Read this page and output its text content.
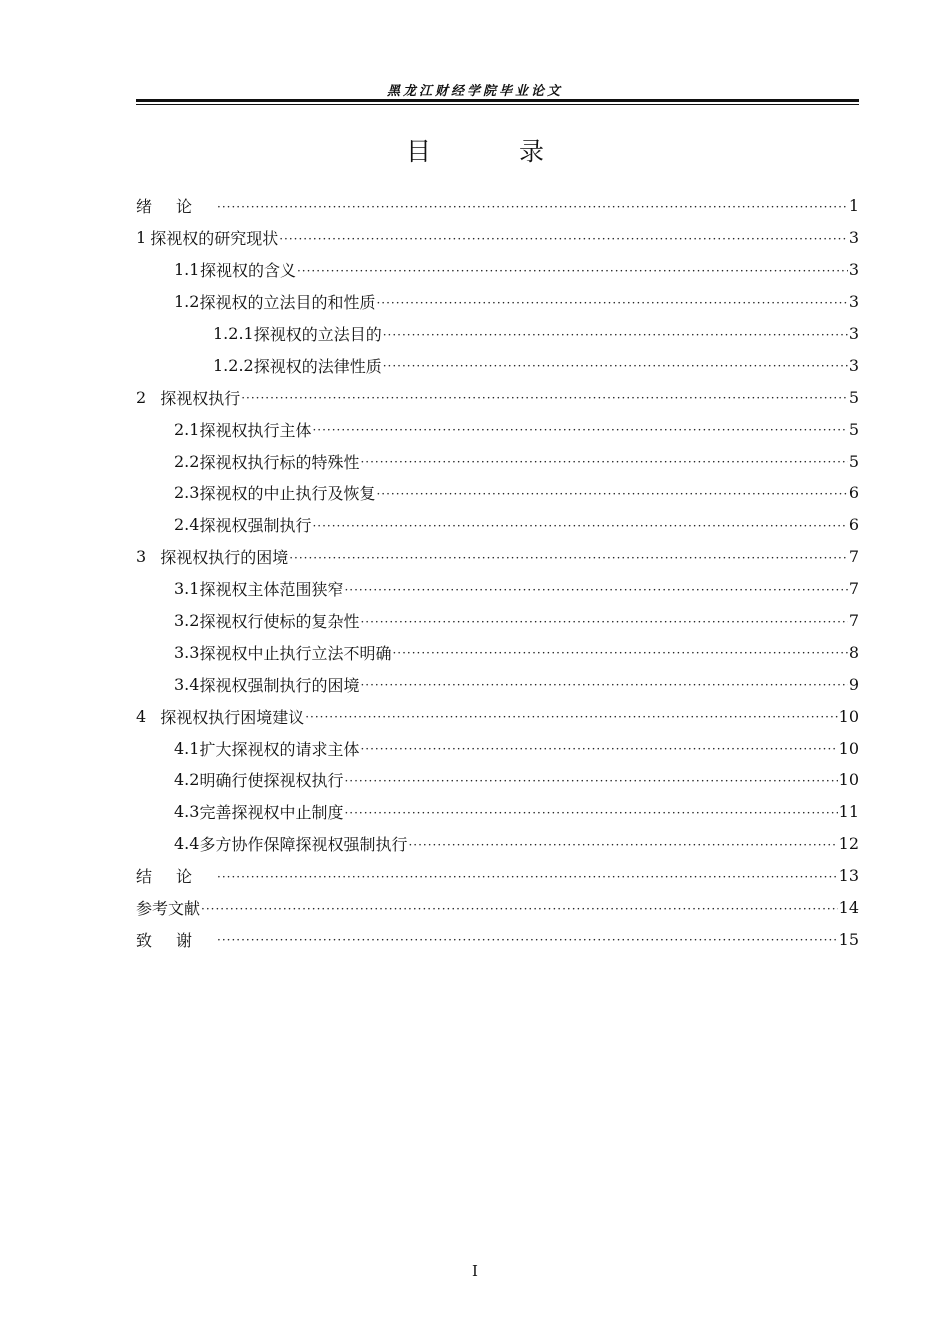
黑龙江财经学院毕业论文
目 录
绪论 ·····	1
1 探视权的研究现状 ·····	3
1.1 探视权的含义 ·····	3
1.2 探视权的立法目的和性质 ·····	3
1.2.1 探视权的立法目的 ·····	3
1.2.2 探视权的法律性质 ·····	3
2 探视权执行 ·····	5
2.1 探视权执行主体 ·····	5
2.2 探视权执行标的特殊性 ·····	5
2.3 探视权的中止执行及恢复 ·····	6
2.4 探视权强制执行 ·····	6
3 探视权执行的困境 ·····	7
3.1 探视权主体范围狭窄 ·····	7
3.2 探视权行使标的复杂性 ·····	7
3.3 探视权中止执行立法不明确 ·····	8
3.4 探视权强制执行的困境 ·····	9
4 探视权执行困境建议 ·····	10
4.1 扩大探视权的请求主体 ·····	10
4.2 明确行使探视权执行 ·····	10
4.3 完善探视权中止制度 ·····	11
4.4 多方协作保障探视权强制执行 ·····	12
结论 ·····	13
参考文献 ·····	14
致谢 ·····	15
I
